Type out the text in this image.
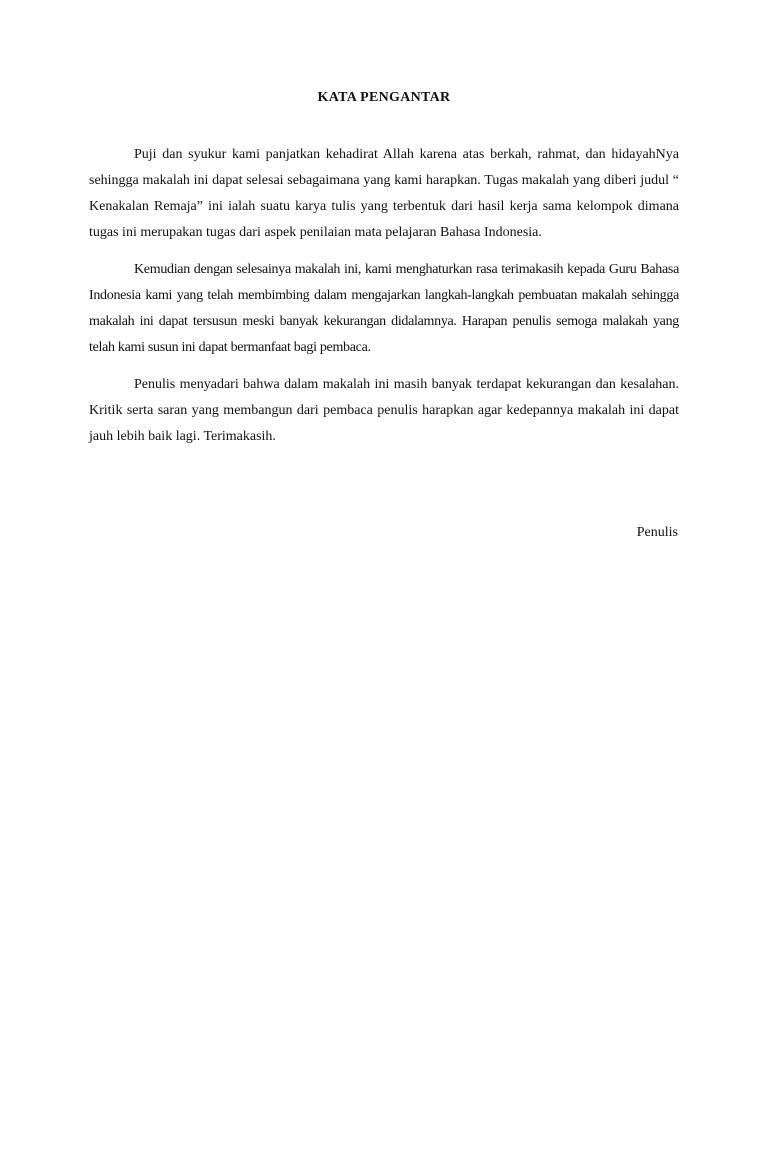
KATA PENGANTAR

Puji dan syukur kami panjatkan kehadirat Allah karena atas berkah, rahmat, dan hidayahNya sehingga makalah ini dapat selesai sebagaimana yang kami harapkan. Tugas makalah yang diberi judul “ Kenakalan Remaja” ini ialah suatu karya tulis yang terbentuk dari hasil kerja sama kelompok dimana tugas ini merupakan tugas dari aspek penilaian mata pelajaran Bahasa Indonesia.

Kemudian dengan selesainya makalah ini, kami menghaturkan rasa terimakasih kepada Guru Bahasa Indonesia kami yang telah membimbing dalam mengajarkan langkah-langkah pembuatan makalah sehingga makalah ini dapat tersusun meski banyak kekurangan didalamnya. Harapan penulis semoga malakah yang telah kami susun ini dapat bermanfaat bagi pembaca.

Penulis menyadari bahwa dalam makalah ini masih banyak terdapat kekurangan dan kesalahan. Kritik serta saran yang membangun dari pembaca penulis harapkan agar kedepannya makalah ini dapat jauh lebih baik lagi. Terimakasih.

Penulis
